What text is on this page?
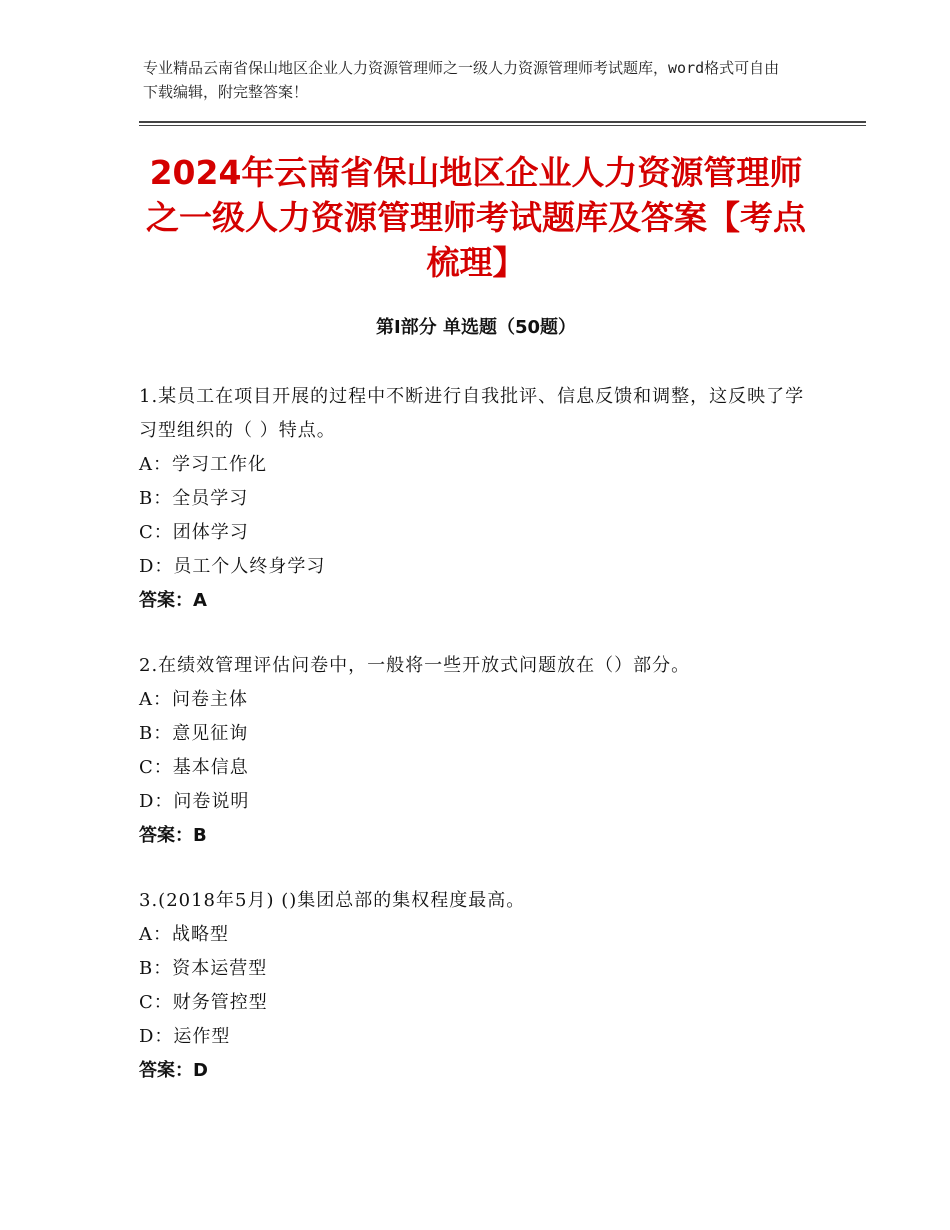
专业精品云南省保山地区企业人力资源管理师之一级人力资源管理师考试题库，word格式可自由下载编辑，附完整答案！
2024年云南省保山地区企业人力资源管理师之一级人力资源管理师考试题库及答案【考点梳理】
第Ⅰ部分 单选题（50题）
1.某员工在项目开展的过程中不断进行自我批评、信息反馈和调整，这反映了学习型组织的（ ）特点。
A：学习工作化
B：全员学习
C：团体学习
D：员工个人终身学习
答案：A
2.在绩效管理评估问卷中，一般将一些开放式问题放在（）部分。
A：问卷主体
B：意见征询
C：基本信息
D：问卷说明
答案：B
3.(2018年5月) ()集团总部的集权程度最高。
A：战略型
B：资本运营型
C：财务管控型
D：运作型
答案：D
